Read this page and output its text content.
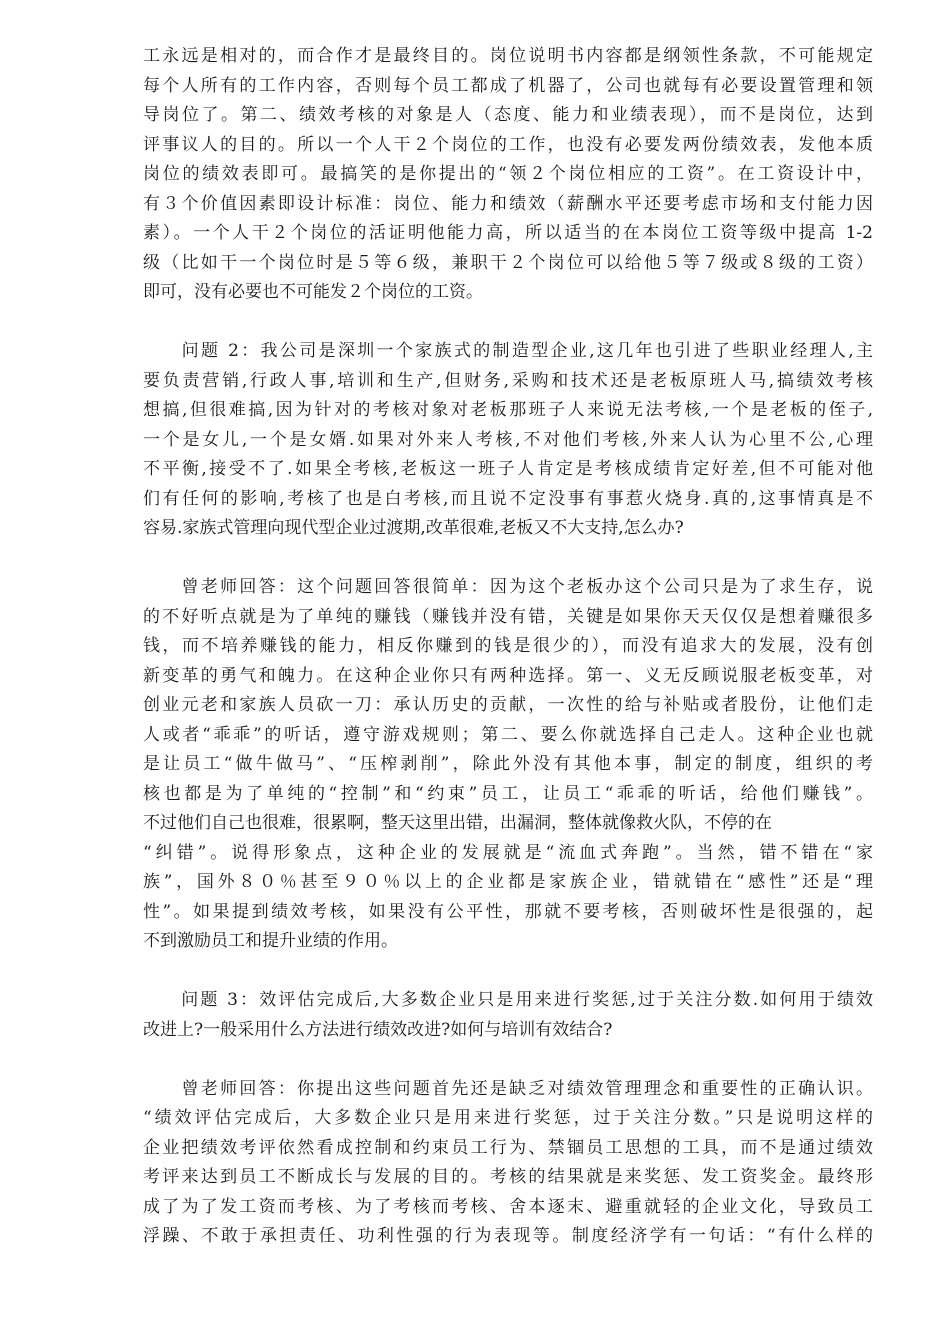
工永远是相对的，而合作才是最终目的。岗位说明书内容都是纲领性条款，不可能规定
每个人所有的工作内容，否则每个员工都成了机器了，公司也就每有必要设置管理和领
导岗位了。第二、绩效考核的对象是人（态度、能力和业绩表现），而不是岗位，达到
评事议人的目的。所以一个人干２个岗位的工作，也没有必要发两份绩效表，发他本质
岗位的绩效表即可。最搞笑的是你提出的“领２个岗位相应的工资”。在工资设计中，
有３个价值因素即设计标准：岗位、能力和绩效（薪酬水平还要考虑市场和支付能力因
素）。一个人干２个岗位的活证明他能力高，所以适当的在本岗位工资等级中提高 1-2
级（比如干一个岗位时是５等６级，兼职干２个岗位可以给他５等７级或８级的工资）
即可，没有必要也不可能发２个岗位的工资。
　　问题 2：我公司是深圳一个家族式的制造型企业,这几年也引进了些职业经理人,主
要负责营销,行政人事,培训和生产,但财务,采购和技术还是老板原班人马,搞绩效考核
想搞,但很难搞,因为针对的考核对象对老板那班子人来说无法考核,一个是老板的侄子,
一个是女儿,一个是女婿.如果对外来人考核,不对他们考核,外来人认为心里不公,心理
不平衡,接受不了.如果全考核,老板这一班子人肯定是考核成绩肯定好差,但不可能对他
们有任何的影响,考核了也是白考核,而且说不定没事有事惹火烧身.真的,这事情真是不
容易.家族式管理向现代型企业过渡期,改革很难,老板又不大支持,怎么办?
　　曾老师回答：这个问题回答很简单：因为这个老板办这个公司只是为了求生存，说
的不好听点就是为了单纯的赚钱（赚钱并没有错，关键是如果你天天仅仅是想着赚很多
钱，而不培养赚钱的能力，相反你赚到的钱是很少的），而没有追求大的发展，没有创
新变革的勇气和魄力。在这种企业你只有两种选择。第一、义无反顾说服老板变革，对
创业元老和家族人员砍一刀：承认历史的贡献，一次性的给与补贴或者股份，让他们走
人或者“乖乖”的听话，遵守游戏规则；第二、要么你就选择自己走人。这种企业也就
是让员工“做牛做马”、“压榨剥削”，除此外没有其他本事，制定的制度，组织的考
核也都是为了单纯的“控制”和“约束”员工，让员工“乖乖的听话，给他们赚钱”。
不过他们自己也很难，很累啊，整天这里出错，出漏洞，整体就像救火队，不停的在
“纠错”。说得形象点，这种企业的发展就是“流血式奔跑”。当然，错不错在“家
族”，国外８０％甚至９０％以上的企业都是家族企业，错就错在“感性”还是“理
性”。如果提到绩效考核，如果没有公平性，那就不要考核，否则破坏性是很强的，起
不到激励员工和提升业绩的作用。
　　问题 3：效评估完成后,大多数企业只是用来进行奖惩,过于关注分数.如何用于绩效
改进上?一般采用什么方法进行绩效改进?如何与培训有效结合?
　　曾老师回答：你提出这些问题首先还是缺乏对绩效管理理念和重要性的正确认识。
“绩效评估完成后，大多数企业只是用来进行奖惩，过于关注分数。”只是说明这样的
企业把绩效考评依然看成控制和约束员工行为、禁锢员工思想的工具，而不是通过绩效
考评来达到员工不断成长与发展的目的。考核的结果就是来奖惩、发工资奖金。最终形
成了为了发工资而考核、为了考核而考核、舍本逐末、避重就轻的企业文化，导致员工
浮躁、不敢于承担责任、功利性强的行为表现等。制度经济学有一句话：“有什么样的
